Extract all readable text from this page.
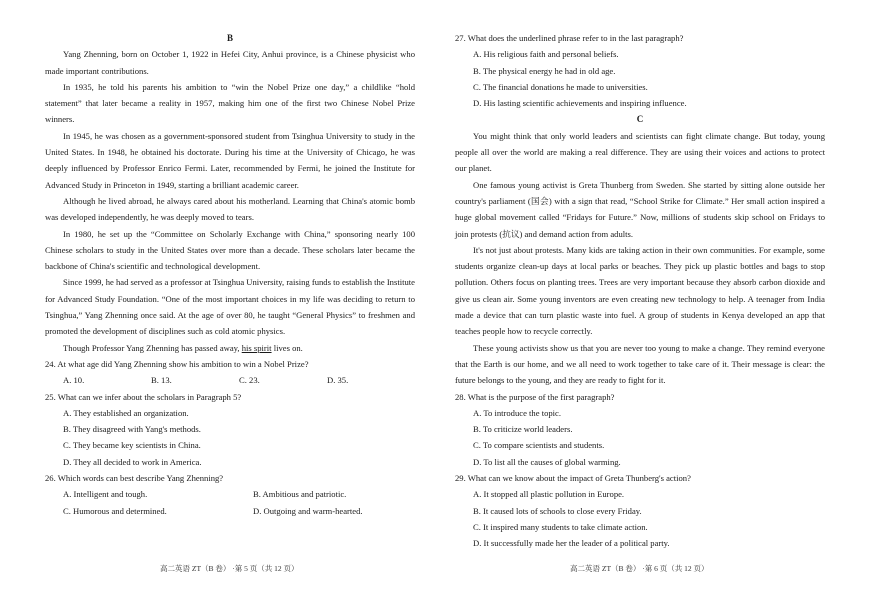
B

Yang Zhenning, born on October 1, 1922 in Hefei City, Anhui province, is a Chinese physicist who made important contributions.

In 1935, he told his parents his ambition to “win the Nobel Prize one day,” a childlike “hold statement” that later became a reality in 1957, making him one of the first two Chinese Nobel Prize winners.

In 1945, he was chosen as a government-sponsored student from Tsinghua University to study in the United States. In 1948, he obtained his doctorate. During his time at the University of Chicago, he was deeply influenced by Professor Enrico Fermi. Later, recommended by Fermi, he joined the Institute for Advanced Study in Princeton in 1949, starting a brilliant academic career.

Although he lived abroad, he always cared about his motherland. Learning that China's atomic bomb was developed independently, he was deeply moved to tears.

In 1980, he set up the “Committee on Scholarly Exchange with China,” sponsoring nearly 100 Chinese scholars to study in the United States over more than a decade. These scholars later became the backbone of China's scientific and technological development.

Since 1999, he had served as a professor at Tsinghua University, raising funds to establish the Institute for Advanced Study Foundation. “One of the most important choices in my life was deciding to return to Tsinghua,” Yang Zhenning once said. At the age of over 80, he taught “General Physics” to freshmen and promoted the development of disciplines such as cold atomic physics.

Though Professor Yang Zhenning has passed away, his spirit lives on.

24. At what age did Yang Zhenning show his ambition to win a Nobel Prize?

A. 10.	B. 13.	C. 23.	D. 35.

25. What can we infer about the scholars in Paragraph 5?

A. They established an organization.

B. They disagreed with Yang's methods.

C. They became key scientists in China.

D. They all decided to work in America.

26. Which words can best describe Yang Zhenning?

A. Intelligent and tough.	B. Ambitious and patriotic.
C. Humorous and determined.	D. Outgoing and warm-hearted.

27. What does the underlined phrase refer to in the last paragraph?

A. His religious faith and personal beliefs.

B. The physical energy he had in old age.

C. The financial donations he made to universities.

D. His lasting scientific achievements and inspiring influence.

C

You might think that only world leaders and scientists can fight climate change. But today, young people all over the world are making a real difference. They are using their voices and actions to protect our planet.

One famous young activist is Greta Thunberg from Sweden. She started by sitting alone outside her country's parliament (国会) with a sign that read, “School Strike for Climate.” Her small action inspired a huge global movement called “Fridays for Future.” Now, millions of students skip school on Fridays to join protests (抗议) and demand action from adults.

It's not just about protests. Many kids are taking action in their own communities. For example, some students organize clean-up days at local parks or beaches. They pick up plastic bottles and bags to stop pollution. Others focus on planting trees. Trees are very important because they absorb carbon dioxide and give us clean air. Some young inventors are even creating new technology to help. A teenager from India made a device that can turn plastic waste into fuel. A group of students in Kenya developed an app that teaches people how to recycle correctly.

These young activists show us that you are never too young to make a change. They remind everyone that the Earth is our home, and we all need to work together to take care of it. Their message is clear: the future belongs to the young, and they are ready to fight for it.

28. What is the purpose of the first paragraph?

A. To introduce the topic.

B. To criticize world leaders.

C. To compare scientists and students.

D. To list all the causes of global warming.

29. What can we know about the impact of Greta Thunberg's action?

A. It stopped all plastic pollution in Europe.

B. It caused lots of schools to close every Friday.

C. It inspired many students to take climate action.

D. It successfully made her the leader of a political party.

高二英语 ZT（B 卷） ·第 5 页（共 12 页）	高二英语 ZT（B 卷） ·第 6 页（共 12 页）
